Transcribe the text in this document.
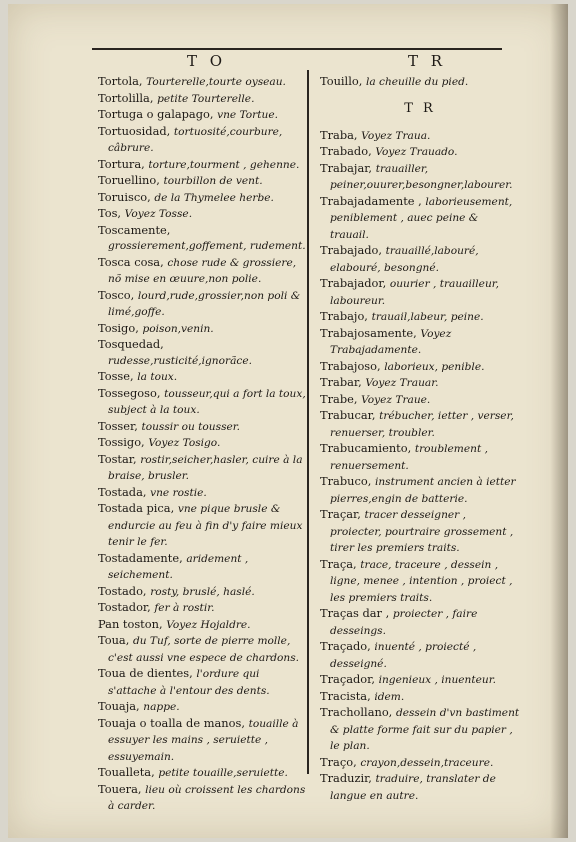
T O	T R

Tortola, Tourterelle,tourte oyseau.

Tortolilla, petite Tourterelle.

Tortuga o galapago, vne Tortue.

Tortuosidad, tortuosité,courbure, câbrure.

Tortura, torture,tourment , gehenne.

Toruellino, tourbillon de vent.

Toruisco, de la Thymelee herbe.

Tos, Voyez Tosse.

Toscamente, grossierement,goffement, rudement.

Tosca cosa, chose rude & grossiere, nõ mise en œuure,non polie.

Tosco, lourd,rude,grossier,non poli & limé,goffe.

Tosigo, poison,venin.

Tosquedad, rudesse,rusticité,ignorãce.

Tosse, la toux.

Tossegoso, tousseur,qui a fort la toux, subject à la toux.

Tosser, toussir ou tousser.

Tossigo, Voyez Tosigo.

Tostar, rostir,seicher,hasler, cuire à la braise, brusler.

Tostada, vne rostie.

Tostada pica, vne pique brusle & endurcie au feu à fin d'y faire mieux tenir le fer.

Tostadamente, aridement , seichement.

Tostado, rosty, bruslé, haslé.

Tostador, fer à rostir.

Pan toston, Voyez Hojaldre.

Toua, du Tuf, sorte de pierre molle, c'est aussi vne espece de chardons.

Toua de dientes, l'ordure qui s'attache à l'entour des dents.

Touaja, nappe.

Touaja o toalla de manos, touaille à essuyer les mains , seruiette , essuyemain.

Toualleta, petite touaille,seruiette.

Touera, lieu où croissent les chardons à carder.

Touillo, la cheuille du pied.

T R

Traba, Voyez Traua.

Trabado, Voyez Trauado.

Trabajar, trauailler, peiner,ouurer,besongner,labourer.

Trabajadamente , laborieusement, peniblement , auec peine & trauail.

Trabajado, trauaillé,labouré, elabouré, besongné.

Trabajador, ouurier , trauailleur, laboureur.

Trabajo, trauail,labeur, peine.

Trabajosamente, Voyez Trabajadamente.

Trabajoso, laborieux, penible.

Trabar, Voyez Trauar.

Trabe, Voyez Traue.

Trabucar, trébucher, ietter , verser, renuerser, troubler.

Trabucamiento, troublement , renuersement.

Trabuco, instrument ancien à ietter pierres,engin de batterie.

Traçar, tracer desseigner , proiecter, pourtraire grossement , tirer les premiers traits.

Traça, trace, traceure , dessein , ligne, menee , intention , proiect , les premiers traits.

Traças dar , proiecter , faire desseings.

Traçado, inuenté , proiecté , desseigné.

Traçador, ingenieux , inuenteur.

Tracista, idem.

Trachollano, dessein d'vn bastiment & platte forme fait sur du papier , le plan.

Traço, crayon,dessein,traceure.

Traduzir, traduire, translater de langue en autre.
